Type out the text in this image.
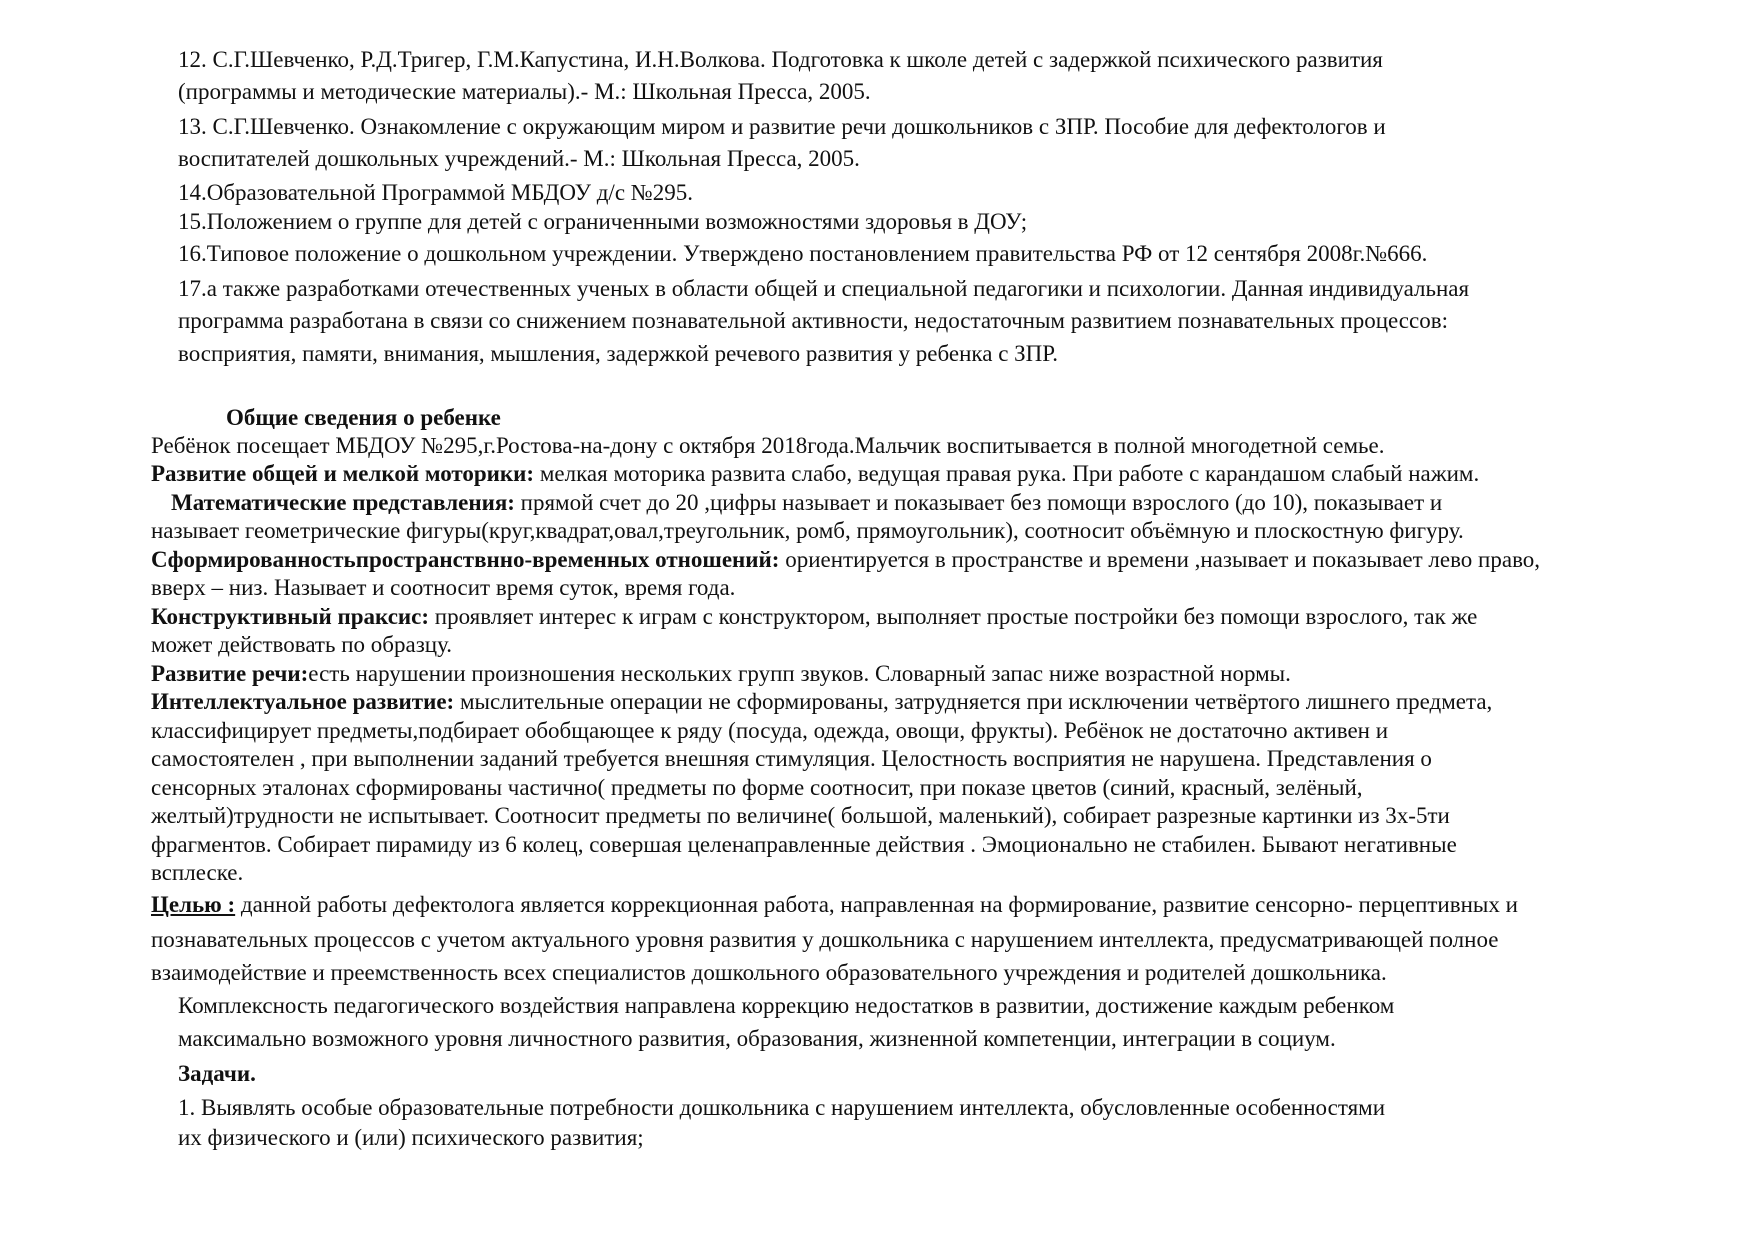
12. С.Г.Шевченко, Р.Д.Тригер, Г.М.Капустина, И.Н.Волкова. Подготовка к школе детей с задержкой психического развития
(программы и методические материалы).- М.: Школьная Пресса, 2005.
13. С.Г.Шевченко. Ознакомление с окружающим миром и развитие речи дошкольников с ЗПР. Пособие для дефектологов и
воспитателей дошкольных учреждений.- М.: Школьная Пресса, 2005.
14.Образовательной Программой МБДОУ д/с №295.
15.Положением о группе для детей с ограниченными возможностями здоровья в ДОУ;
16.Типовое положение о дошкольном учреждении. Утверждено постановлением правительства РФ от 12 сентября 2008г.№666.
17.а также разработками отечественных ученых в области общей и специальной педагогики и психологии. Данная индивидуальная
программа разработана в связи со снижением познавательной активности, недостаточным развитием познавательных процессов:
восприятия, памяти, внимания, мышления, задержкой речевого развития у ребенка с ЗПР.
Общие сведения о ребенке
Ребёнок посещает МБДОУ №295,г.Ростова-на-дону с октября 2018года.Мальчик воспитывается в полной многодетной семье.
Развитие общей и мелкой моторики: мелкая моторика развита слабо, ведущая правая рука. При работе с карандашом слабый нажим.
Математические представления: прямой счет до 20 ,цифры называет и показывает без помощи взрослого (до 10), показывает и
называет геометрические фигуры(круг,квадрат,овал,треугольник, ромб, прямоугольник), соотносит объёмную и плоскостную фигуру.
Сформированностьпространствнно-временных отношений: ориентируется в пространстве и времени ,называет и показывает лево право,
вверх – низ. Называет и соотносит время суток, время года.
Конструктивный праксис: проявляет интерес к играм с конструктором, выполняет простые постройки без помощи взрослого, так же
может действовать по образцу.
Развитие речи:есть нарушении произношения нескольких групп звуков. Словарный запас ниже возрастной нормы.
Интеллектуальное развитие: мыслительные операции не сформированы, затрудняется при исключении четвёртого лишнего предмета,
классифицирует предметы,подбирает обобщающее к ряду (посуда, одежда, овощи, фрукты). Ребёнок не достаточно активен и
самостоятелен , при выполнении заданий требуется внешняя стимуляция. Целостность восприятия не нарушена. Представления о
сенсорных эталонах сформированы частично( предметы по форме соотносит, при показе цветов (синий, красный, зелёный,
желтый)трудности не испытывает. Соотносит предметы по величине( большой, маленький), собирает разрезные картинки из 3х-5ти
фрагментов. Собирает пирамиду из 6 колец, совершая целенаправленные действия . Эмоционально не стабилен. Бывают негативные
всплеске.
Целью : данной работы дефектолога является коррекционная работа, направленная на формирование, развитие сенсорно- перцептивных и
познавательных процессов с учетом актуального уровня развития у дошкольника с нарушением интеллекта, предусматривающей полное
взаимодействие и преемственность всех специалистов дошкольного образовательного учреждения и родителей дошкольника.
Комплексность педагогического воздействия направлена коррекцию недостатков в развитии, достижение каждым ребенком
максимально возможного уровня личностного развития, образования, жизненной компетенции, интеграции в социум.
Задачи.
1. Выявлять особые образовательные потребности дошкольника с нарушением интеллекта, обусловленные особенностями
их физического и (или) психического развития;
